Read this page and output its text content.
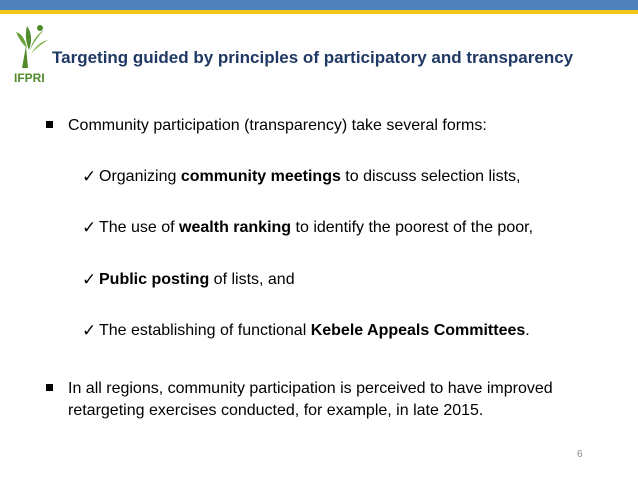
IFPRI
Targeting guided by principles of participatory and transparency
Community participation (transparency) take several forms:
✓ Organizing community meetings to discuss selection lists,
✓ The use of wealth ranking to identify the poorest of the poor,
✓ Public posting of lists, and
✓ The establishing of functional Kebele Appeals Committees.
In all regions, community participation is perceived to have improved retargeting exercises conducted, for example, in late 2015.
6
